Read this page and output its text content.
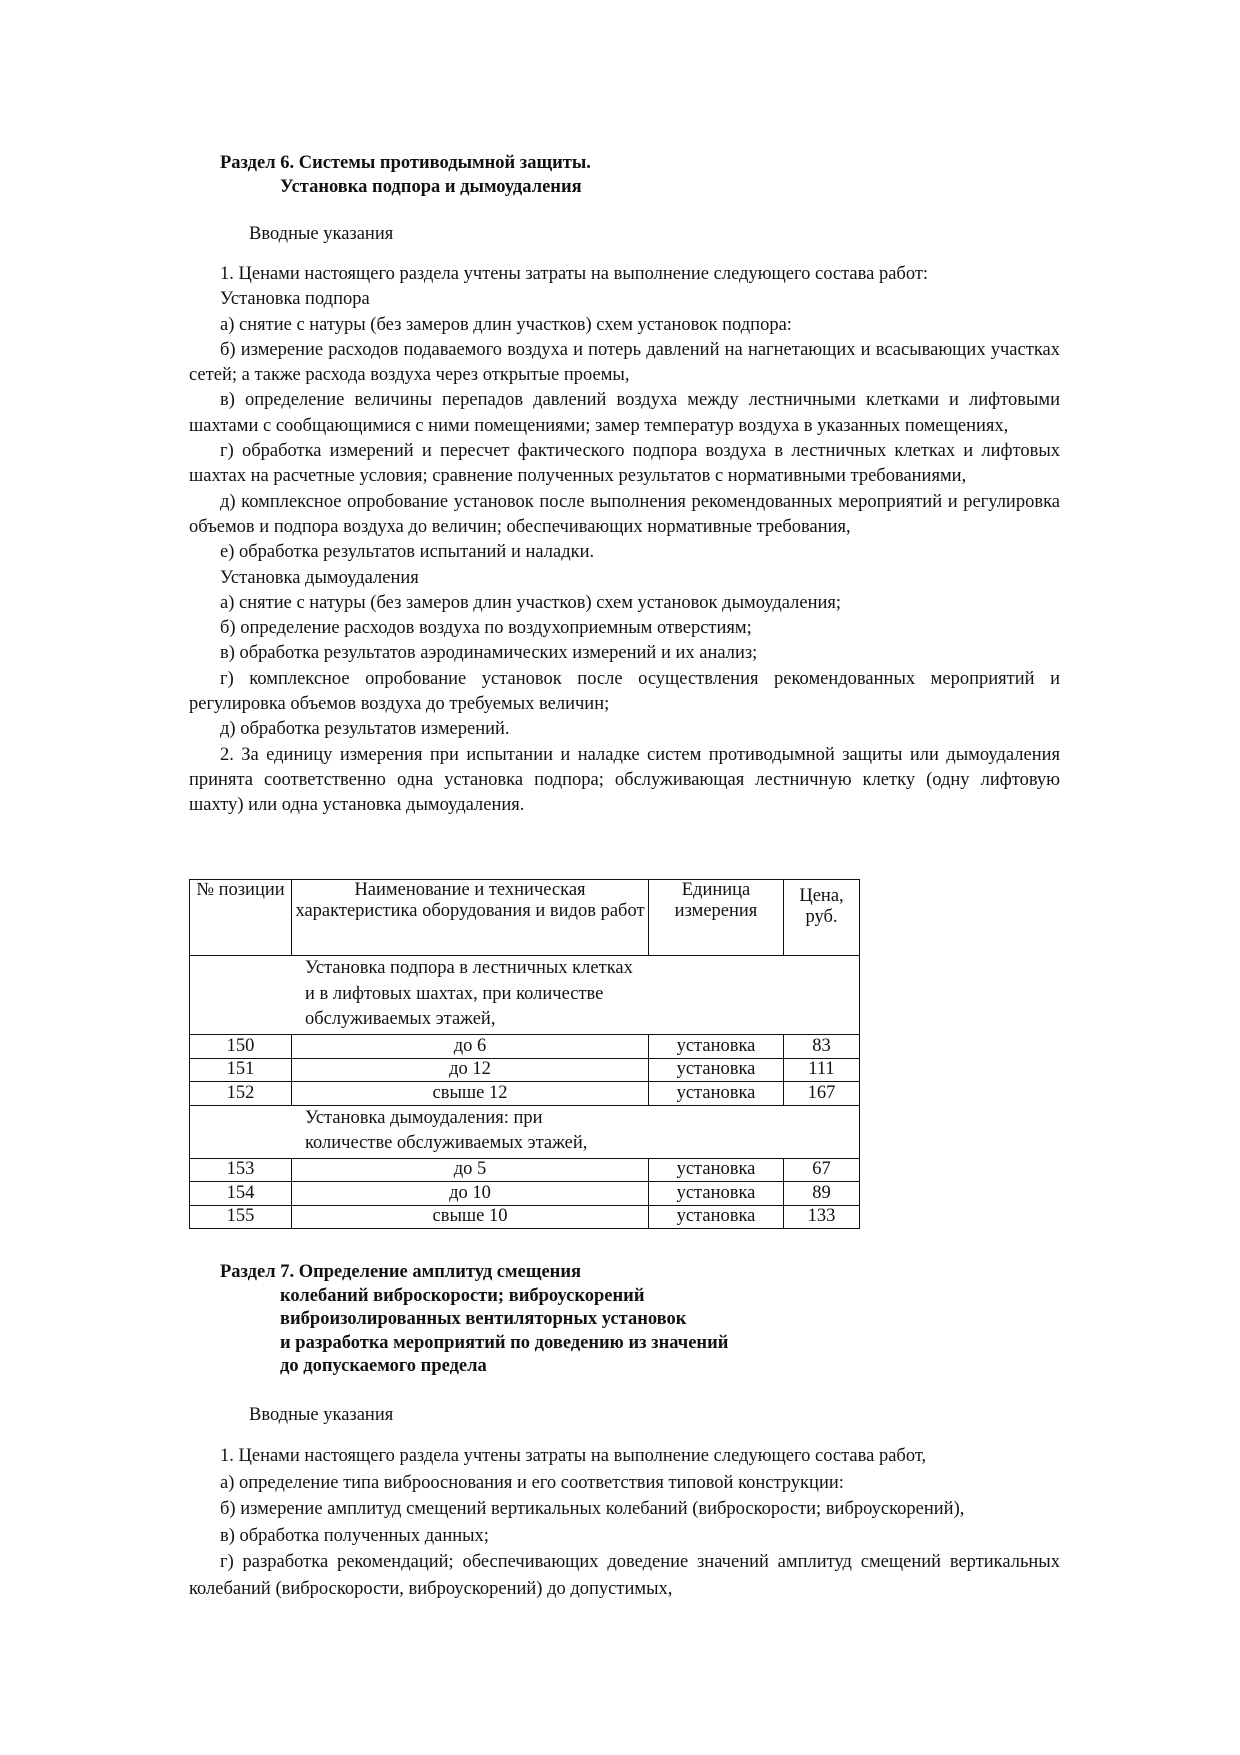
Раздел 6. Системы противодымной защиты.
Установка подпора и дымоудаления
Вводные указания
1. Ценами настоящего раздела учтены затраты на выполнение следующего состава работ:
Установка подпора
а) снятие с натуры (без замеров длин участков) схем установок подпора:
б) измерение расходов подаваемого воздуха и потерь давлений на нагнетающих и всасывающих участках сетей; а также расхода воздуха через открытые проемы,
в) определение величины перепадов давлений воздуха между лестничными клетками и лифтовыми шахтами с сообщающимися с ними помещениями; замер температур воздуха в указанных помещениях,
г) обработка измерений и пересчет фактического подпора воздуха в лестничных клетках и лифтовых шахтах на расчетные условия; сравнение полученных результатов с нормативными требованиями,
д) комплексное опробование установок после выполнения рекомендованных мероприятий и регулировка объемов и подпора воздуха до величин; обеспечивающих нормативные требования,
е) обработка результатов испытаний и наладки.
Установка дымоудаления
а) снятие с натуры (без замеров длин участков) схем установок дымоудаления;
б) определение расходов воздуха по воздухоприемным отверстиям;
в) обработка результатов аэродинамических измерений и их анализ;
г) комплексное опробование установок после осуществления рекомендованных мероприятий и регулировка объемов воздуха до требуемых величин;
д) обработка результатов измерений.
2. За единицу измерения при испытании и наладке систем противодымной защиты или дымоудаления принята соответственно одна установка подпора; обслуживающая лестничную клетку (одну лифтовую шахту) или одна установка дымоудаления.
№ позиции	Наименование и техническая характеристика оборудования и видов работ	Единица измерения	Цена, руб.
Установка подпора в лестничных клетках и в лифтовых шахтах, при количестве обслуживаемых этажей,			
150	до 6	установка	83
151	до 12	установка	111
152	свыше 12	установка	167
Установка дымоудаления: при количестве обслуживаемых этажей,			
153	до 5	установка	67
154	до 10	установка	89
155	свыше 10	установка	133
Раздел 7. Определение амплитуд смещения
колебаний виброскорости; виброускорений
виброизолированных вентиляторных установок
и разработка мероприятий по доведению из значений
до допускаемого предела
Вводные указания
1. Ценами настоящего раздела учтены затраты на выполнение следующего состава работ,
а) определение типа виброоснования и его соответствия типовой конструкции:
б) измерение амплитуд смещений вертикальных колебаний (виброскорости; виброускорений),
в) обработка полученных данных;
г) разработка рекомендаций; обеспечивающих доведение значений амплитуд смещений вертикальных колебаний (виброскорости, виброускорений) до допустимых,
